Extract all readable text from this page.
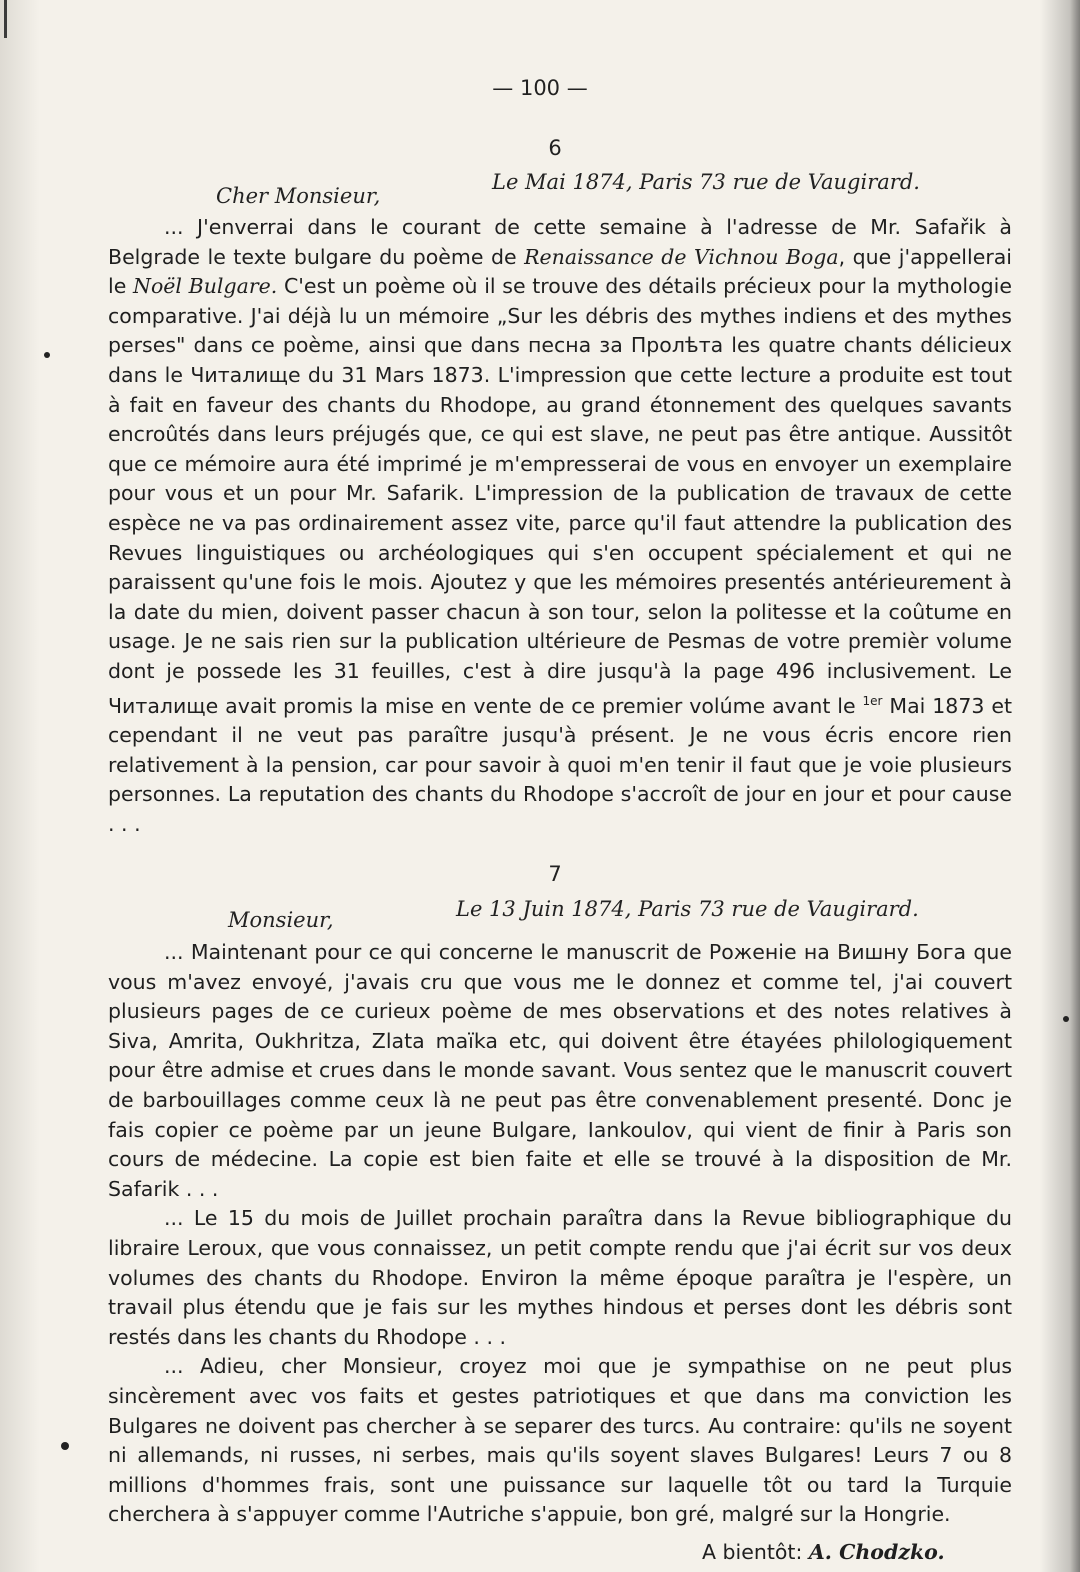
— 100 —
6
Le Mai 1874, Paris 73 rue de Vaugirard.
Cher Monsieur,

... J'enverrai dans le courant de cette semaine à l'adresse de Mr. Safařik à Belgrade le texte bulgare du poème de Renaissance de Vichnou Boga, que j'appellerai le Noël Bulgare. C'est un poème où il se trouve des détails précieux pour la mythologie comparative. J'ai déjà lu un mémoire „Sur les débris des mythes indiens et des mythes perses" dans ce poème, ainsi que dans песна за Пролѣта les quatre chants délicieux dans le Читалище du 31 Mars 1873. L'impression que cette lecture a produite est tout à fait en faveur des chants du Rhodope, au grand étonnement des quelques savants encroûtés dans leurs préjugés que, ce qui est slave, ne peut pas être antique. Aussitôt que ce mémoire aura été imprimé je m'empresserai de vous en envoyer un exemplaire pour vous et un pour Mr. Safarik. L'impression de la publication de travaux de cette espèce ne va pas ordinairement assez vite, parce qu'il faut attendre la publication des Revues linguistiques ou archéologiques qui s'en occupent spécialement et qui ne paraissent qu'une fois le mois. Ajoutez y que les mémoires presentés antérieurement à la date du mien, doivent passer chacun à son tour, selon la politesse et la coûtume en usage. Je ne sais rien sur la publication ultérieure de Pesmas de votre premièr volume dont je possede les 31 feuilles, c'est à dire jusqu'à la page 496 inclusivement. Le Читалище avait promis la mise en vente de ce premier volúme avant le $^{1er}$ Mai 1873 et cependant il ne veut pas paraître jusqu'à présent. Je ne vous écris encore rien relativement à la pension, car pour savoir à quoi m'en tenir il faut que je voie plusieurs personnes. La reputation des chants du Rhodope s'accroît de jour en jour et pour cause . . .

7
Le 13 Juin 1874, Paris 73 rue de Vaugirard.
Monsieur,

... Maintenant pour ce qui concerne le manuscrit de Роженіе на Вишну Бога que vous m'avez envoyé, j'avais cru que vous me le donnez et comme tel, j'ai couvert plusieurs pages de ce curieux poème de mes observations et des notes relatives à Siva, Amrita, Oukhritza, Zlata maïka etc, qui doivent être étayées philologiquement pour être admise et crues dans le monde savant. Vous sentez que le manuscrit couvert de barbouillages comme ceux là ne peut pas être convenablement presenté. Donc je fais copier ce poème par un jeune Bulgare, Iankoulov, qui vient de finir à Paris son cours de médecine. La copie est bien faite et elle se trouvé à la disposition de Mr. Safarik . . .

... Le 15 du mois de Juillet prochain paraîtra dans la Revue bibliographique du libraire Leroux, que vous connaissez, un petit compte rendu que j'ai écrit sur vos deux volumes des chants du Rhodope. Environ la même époque paraîtra je l'espère, un travail plus étendu que je fais sur les mythes hindous et perses dont les débris sont restés dans les chants du Rhodope . . .

... Adieu, cher Monsieur, croyez moi que je sympathise on ne peut plus sincèrement avec vos faits et gestes patriotiques et que dans ma conviction les Bulgares ne doivent pas chercher à se separer des turcs. Au contraire: qu'ils ne soyent ni allemands, ni russes, ni serbes, mais qu'ils soyent slaves Bulgares! Leurs 7 ou 8 millions d'hommes frais, sont une puissance sur laquelle tôt ou tard la Turquie cherchera à s'appuyer comme l'Autriche s'appuie, bon gré, malgré sur la Hongrie.

A bientôt: A. Chodzko.
